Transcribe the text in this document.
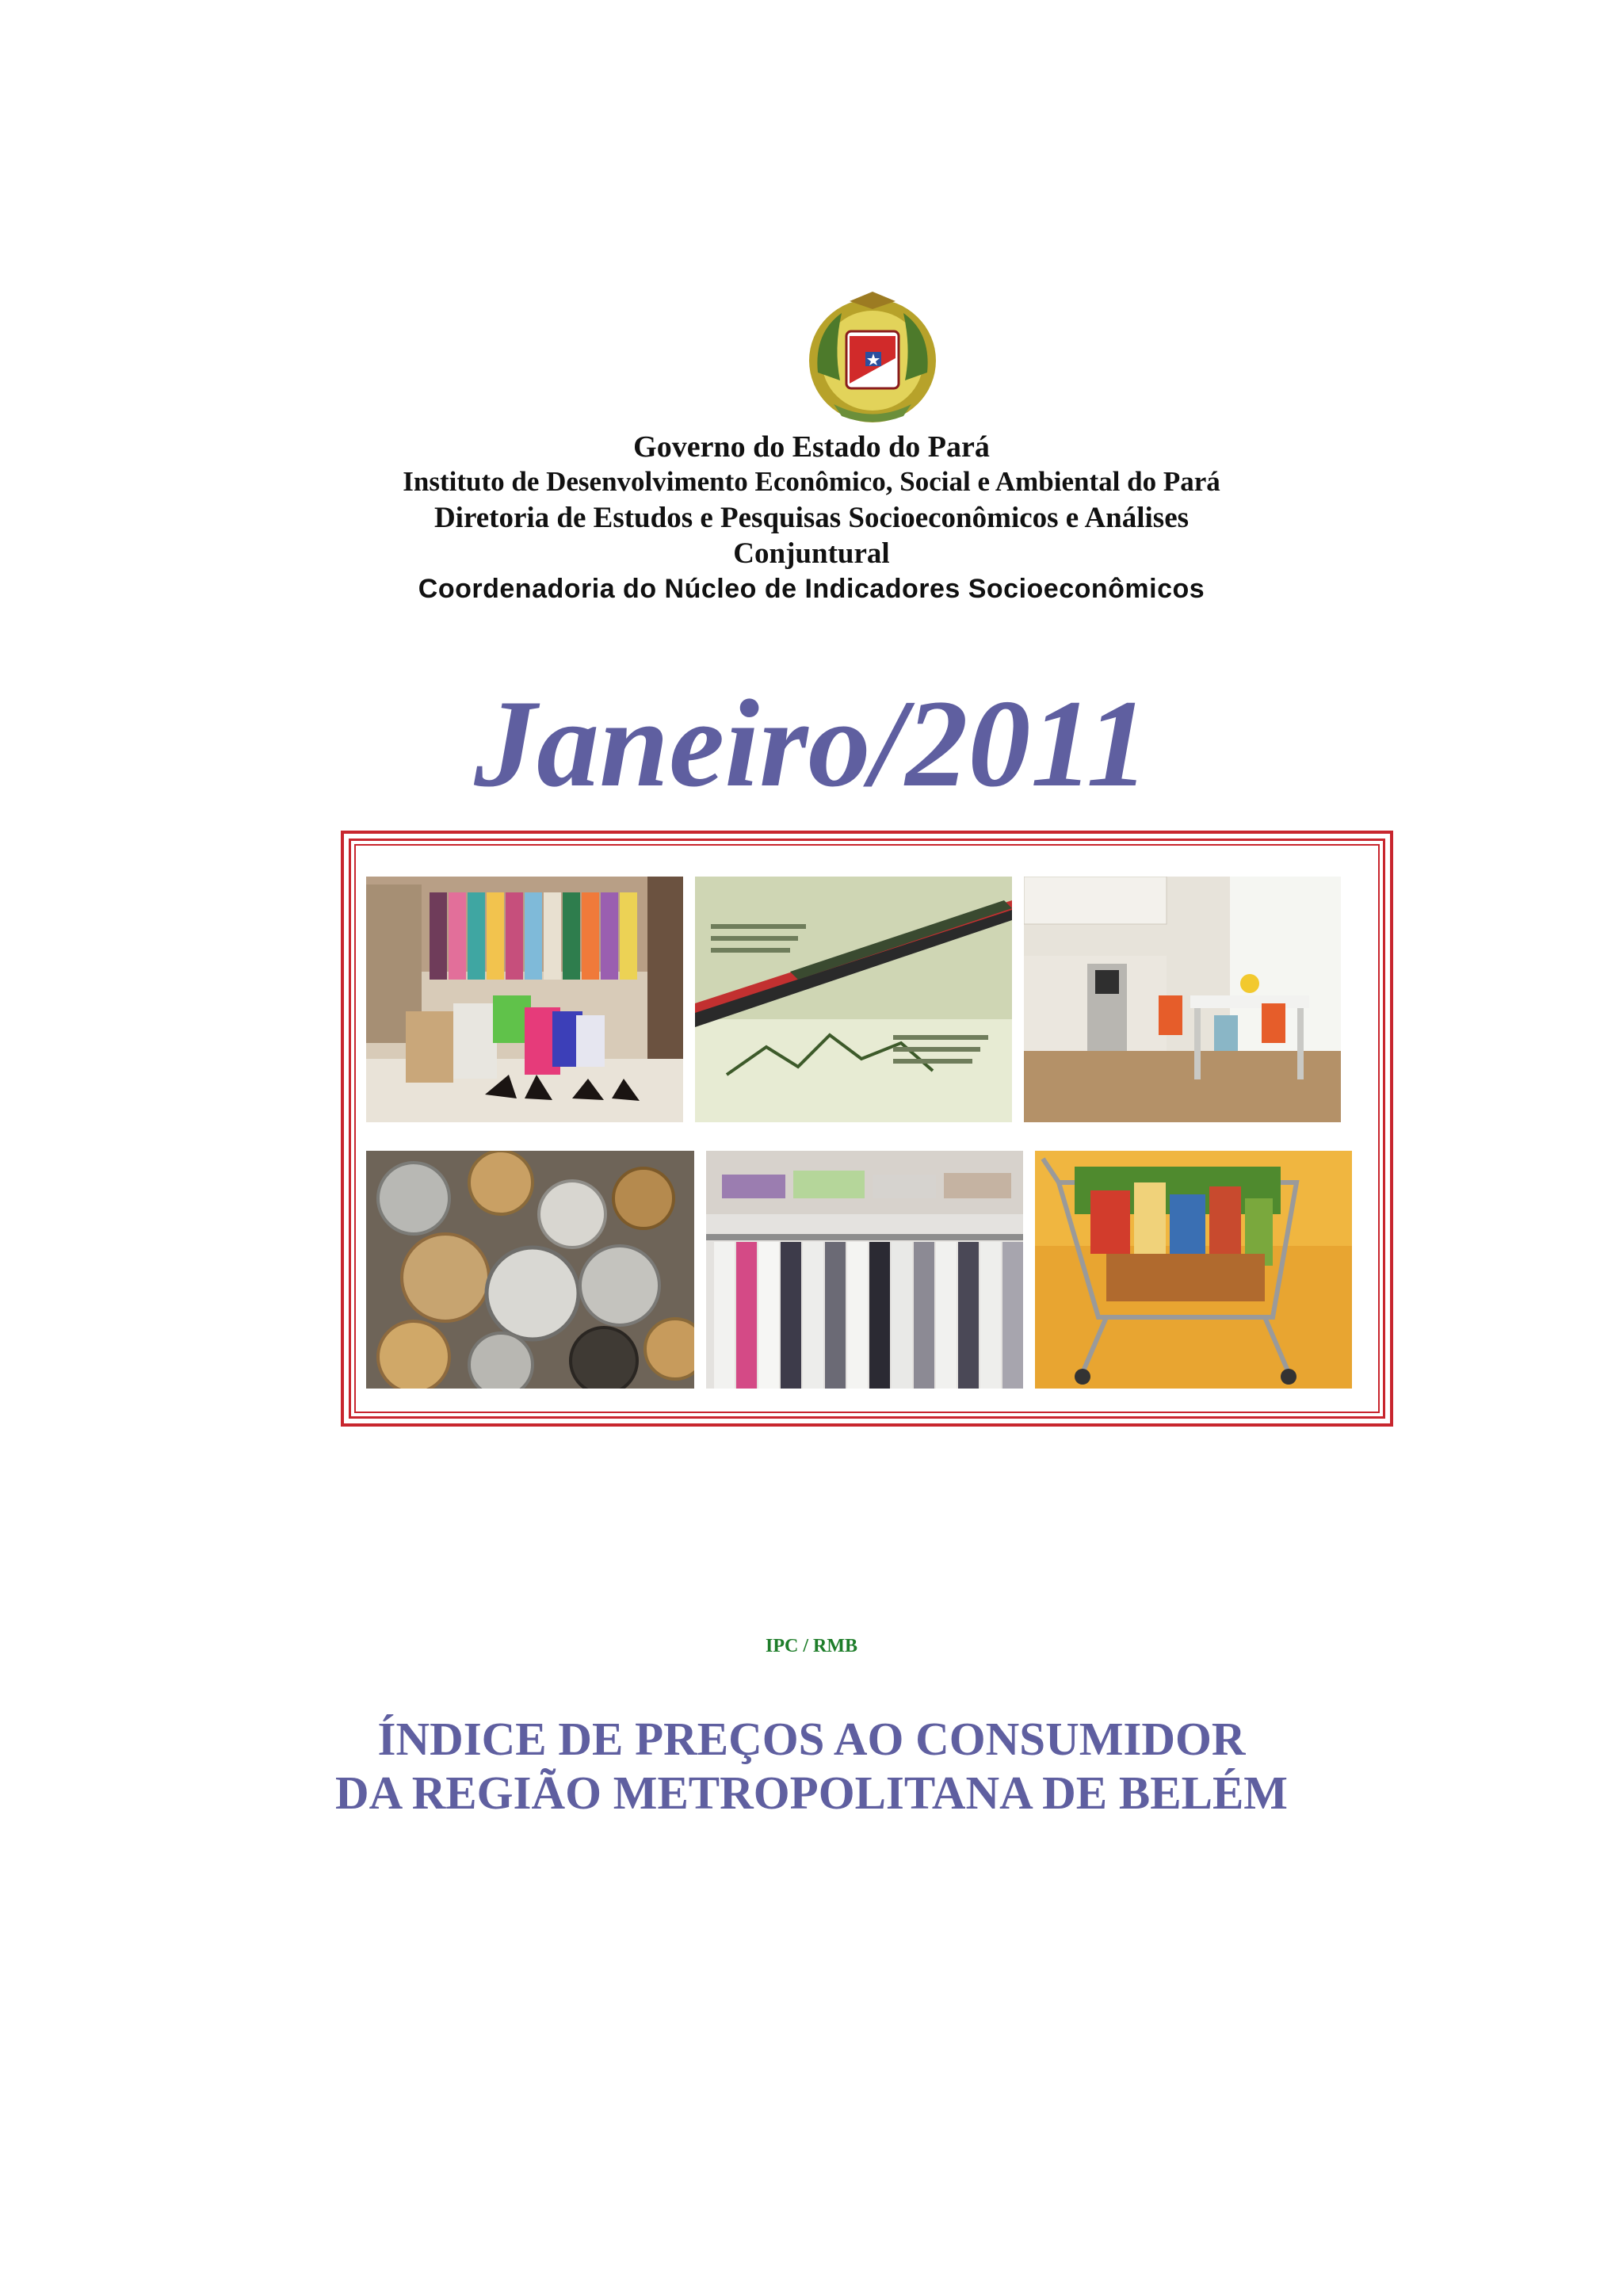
Governo do Estado do Pará
Instituto de Desenvolvimento Econômico, Social e Ambiental do Pará
Diretoria de Estudos e Pesquisas Socioeconômicos e Análises
Conjuntural
Coordenadoria do Núcleo de Indicadores Socioeconômicos
Janeiro/2011
IPC / RMB
ÍNDICE DE PREÇOS AO CONSUMIDOR
DA REGIÃO METROPOLITANA DE BELÉM
